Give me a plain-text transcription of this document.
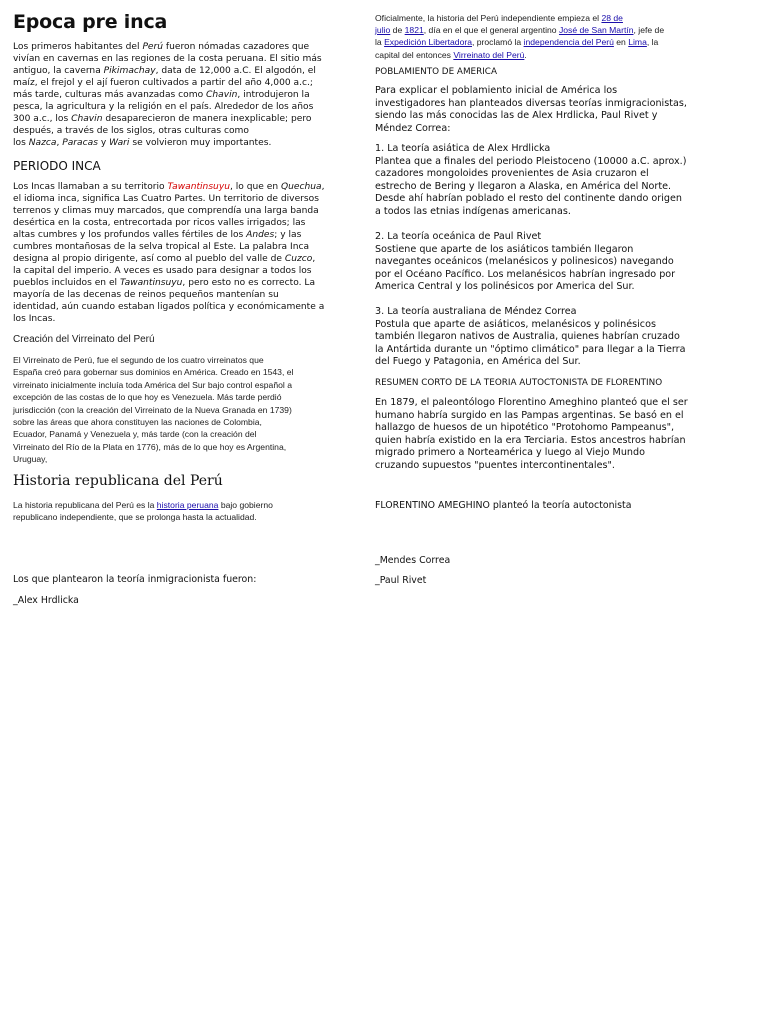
Epoca pre inca
Los primeros habitantes del Perú fueron nómadas cazadores que
vivían en cavernas en las regiones de la costa peruana. El sitio más
antiguo, la caverna Pikimachay, data de 12,000 a.C. El algodón, el
maíz, el frejol y el ají fueron cultivados a partir del año 4,000 a.c.;
más tarde, culturas más avanzadas como Chavin, introdujeron la
pesca, la agricultura y la religión en el país. Alrededor de los años
300 a.c., los Chavin desaparecieron de manera inexplicable; pero
después, a través de los siglos, otras culturas como
los Nazca, Paracas y Wari se volvieron muy importantes.
PERIODO INCA
Los Incas llamaban a su territorio Tawantinsuyu, lo que en Quechua,
el idioma inca, significa Las Cuatro Partes. Un territorio de diversos
terrenos y climas muy marcados, que comprendía una larga banda
desértica en la costa, entrecortada por ricos valles irrigados; las
altas cumbres y los profundos valles fértiles de los Andes; y las
cumbres montañosas de la selva tropical al Este. La palabra Inca
designa al propio dirigente, así como al pueblo del valle de Cuzco,
la capital del imperio. A veces es usado para designar a todos los
pueblos incluidos en el Tawantinsuyu, pero esto no es correcto. La
mayoría de las decenas de reinos pequeños mantenían su
identidad, aún cuando estaban ligados política y económicamente a
los Incas.
Creación del Virreinato del Perú
El Virreinato de Perú, fue el segundo de los cuatro virreinatos que
España creó para gobernar sus dominios en América. Creado en 1543, el
virreinato inicialmente incluía toda América del Sur bajo control español a
excepción de las costas de lo que hoy es Venezuela. Más tarde perdió
jurisdicción (con la creación del Virreinato de la Nueva Granada en 1739)
sobre las áreas que ahora constituyen las naciones de Colombia,
Ecuador, Panamá y Venezuela y, más tarde (con la creación del
Virreinato del Río de la Plata en 1776), más de lo que hoy es Argentina,
Uruguay,
Historia republicana del Perú
La historia republicana del Perú es la historia peruana bajo gobierno
republicano independiente, que se prolonga hasta la actualidad.
Los que plantearon la teoría inmigracionista fueron:
_Alex Hrdlicka
Oficialmente, la historia del Perú independiente empieza el 28 de
julio de 1821, día en el que el general argentino José de San Martín, jefe de
la Expedición Libertadora, proclamó la independencia del Perú en Lima, la
capital del entonces Virreinato del Perú.
POBLAMIENTO DE AMERICA
Para explicar el poblamiento inicial de América los
investigadores han planteados diversas teorías inmigracionistas,
siendo las más conocidas las de Alex Hrdlicka, Paul Rivet y
Méndez Correa:
1. La teoría asiática de Alex Hrdlicka
Plantea que a finales del periodo Pleistoceno (10000 a.C. aprox.)
cazadores mongoloides provenientes de Asia cruzaron el
estrecho de Bering y llegaron a Alaska, en América del Norte.
Desde ahí habrían poblado el resto del continente dando origen
a todos las etnias indígenas americanas.
2. La teoría oceánica de Paul Rivet
Sostiene que aparte de los asiáticos también llegaron
navegantes oceánicos (melanésicos y polinesicos) navegando
por el Océano Pacífico. Los melanésicos habrían ingresado por
America Central y los polinésicos por America del Sur.
3. La teoría australiana de Méndez Correa
Postula que aparte de asiáticos, melanésicos y polinésicos
también llegaron nativos de Australia, quienes habrían cruzado
la Antártida durante un "óptimo climático" para llegar a la Tierra
del Fuego y Patagonia, en América del Sur.
RESUMEN CORTO DE LA TEORIA AUTOCTONISTA DE FLORENTINO
En 1879, el paleontólogo Florentino Ameghino planteó que el ser
humano habría surgido en las Pampas argentinas. Se basó en el
hallazgo de huesos de un hipotético "Protohomo Pampeanus",
quien habría existido en la era Terciaria. Estos ancestros habrían
migrado primero a Norteamérica y luego al Viejo Mundo
cruzando supuestos "puentes intercontinentales".
FLORENTINO AMEGHINO planteó la teoría autoctonista
_Mendes Correa
_Paul Rivet
